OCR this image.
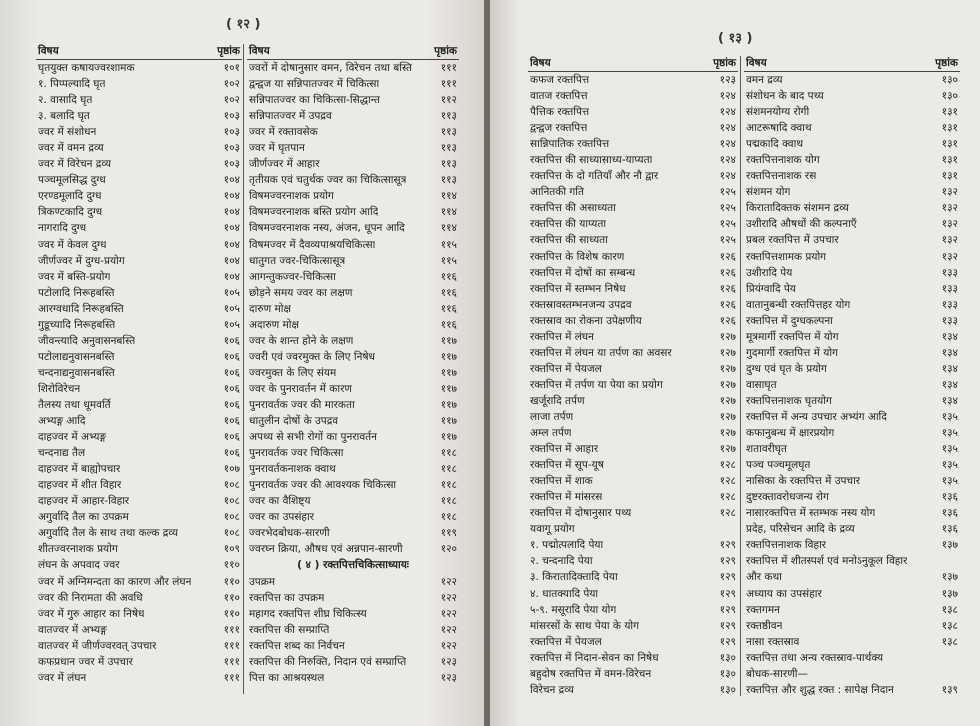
( १२ )
विषय	पृष्ठांक
घृतयुक्त कषायज्वरशामक	१०१
१. पिप्पल्यादि घृत	१०२
२. वासादि घृत	१०२
३. बलादि घृत	१०३
ज्वर में संशोधन	१०३
ज्वर में वमन द्रव्य	१०३
ज्वर में विरेचन द्रव्य	१०३
पञ्चमूलसिद्ध दुग्ध	१०४
एरण्डमूलादि दुग्ध	१०४
त्रिकण्टकादि दुग्ध	१०४
नागरादि दुग्ध	१०४
ज्वर में केवल दुग्ध	१०४
जीर्णज्वर में दुग्ध-प्रयोग	१०४
ज्वर में बस्ति-प्रयोग	१०४
पटोलादि निरूहबस्ति	१०५
आरग्वधादि निरूहबस्ति	१०५
गुडूच्यादि निरूहबस्ति	१०५
जीवन्त्यादि अनुवासनबस्ति	१०६
पटोलाद्यनुवासनबस्ति	१०६
चन्दनाद्यनुवासनबस्ति	१०६
शिरोविरेचन	१०६
तैलस्य तथा धूमवर्ति	१०६
अभ्यङ्ग आदि	१०६
दाहज्वर में अभ्यङ्ग	१०६
चन्दनाद्य तैल	१०६
दाहज्वर में बाह्योपचार	१०७
दाहज्वर में शीत विहार	१०८
दाहज्वर में आहार-विहार	१०८
अगुर्वादि तैल का उपक्रम	१०८
अगुर्वादि तैल के साथ तथा कल्क द्रव्य	१०८
शीतज्वरनाशक प्रयोग	१०९
लंघन के अपवाद ज्वर	११०
ज्वर में अग्निमन्दता का कारण और लंघन	११०
ज्वर की निरामता की अवधि	११०
ज्वर में गुरु आहार का निषेध	११०
वातज्वर में अभ्यङ्ग	१११
वातज्वर में जीर्णज्वरवत् उपचार	१११
कफप्रधान ज्वर में उपचार	१११
ज्वर में लंघन	१११
विषय	पृष्ठांक
ज्वरों में दोषानुसार वमन, विरेचन तथा बस्ति	१११
द्वन्द्वज या सन्निपातज्वर में चिकित्सा	१११
सन्निपातज्वर का चिकित्सा-सिद्धान्त	११२
सन्निपातज्वर में उपद्रव	११३
ज्वर में रक्तावसेक	११३
ज्वर में घृतपान	११३
जीर्णज्वर में आहार	११३
तृतीयक एवं चतुर्थक ज्वर का चिकित्सासूत्र	११३
विषमज्वरनाशक प्रयोग	११४
विषमज्वरनाशक बस्ति प्रयोग आदि	११४
विषमज्वरनाशक नस्य, अंजन, धूपन आदि	११४
विषमज्वर में दैवव्यपाश्रयचिकित्सा	११५
धातुगत ज्वर-चिकित्सासूत्र	११५
आगन्तुकज्वर-चिकित्सा	११६
छोड़ने समय ज्वर का लक्षण	११६
दारुण मोक्ष	११६
अदारुण मोक्ष	११६
ज्वर के शान्त होने के लक्षण	११७
ज्वरी एवं ज्वरमुक्त के लिए निषेध	११७
ज्वरमुक्त के लिए संयम	११७
ज्वर के पुनरावर्तन में कारण	११७
पुनरावर्तक ज्वर की मारकता	११७
धातुलीन दोषों के उपद्रव	११७
अपथ्य से सभी रोगों का पुनरावर्तन	११७
पुनरावर्तक ज्वर चिकित्सा	११८
पुनरावर्तकनाशक क्वाथ	११८
पुनरावर्तक ज्वर की आवश्यक चिकित्सा	११८
ज्वर का वैशिष्ट्य	११८
ज्वर का उपसंहार	११८
ज्वरभेदबोधक-सारणी	११९
ज्वरघ्न क्रिया, औषध एवं अन्नपान-सारणी	१२०
( ४ ) रक्तपित्तचिकित्साध्यायः
उपक्रम	१२२
रक्तपित्त का उपक्रम	१२२
महागद रक्तपित्त शीघ्र चिकित्स्य	१२२
रक्तपित्त की सम्प्राप्ति	१२२
रक्तपित्त शब्द का निर्वचन	१२२
रक्तपित्त की निरुक्ति, निदान एवं सम्प्राप्ति	१२३
पित्त का आश्रयस्थल	१२३
( १३ )
विषय	पृष्ठांक
कफज रक्तपित्त	१२३
वातज रक्तपित्त	१२४
पैत्तिक रक्तपित्त	१२४
द्वन्द्वज रक्तपित्त	१२४
सान्निपातिक रक्तपित्त	१२४
रक्तपित्त की साध्यासाध्य-याप्यता	१२४
रक्तपित्त के दो गतियाँ और नौ द्वार	१२४
आनितकी गति	१२५
रक्तपित्त की असाध्यता	१२५
रक्तपित्त की याप्यता	१२५
रक्तपित्त की साध्यता	१२५
रक्तपित्त के विशेष कारण	१२६
रक्तपित्त में दोषों का सम्बन्ध	१२६
रक्तपित्त में स्तम्भन निषेध	१२६
रक्तस्रावस्तम्भनजन्य उपद्रव	१२६
रक्तस्राव का रोकना उपेक्षणीय	१२६
रक्तपित्त में लंघन	१२७
रक्तपित्त में लंघन या तर्पण का अवसर	१२७
रक्तपित्त में पेयजल	१२७
रक्तपित्त में तर्पण या पेया का प्रयोग	१२७
खर्जूरादि तर्पण	१२७
लाजा तर्पण	१२७
अम्ल तर्पण	१२७
रक्तपित्त में आहार	१२७
रक्तपित्त में सूप-यूष	१२८
रक्तपित्त में शाक	१२८
रक्तपित्त में मांसरस	१२८
रक्तपित्त में दोषानुसार पथ्य	१२८
यवागू प्रयोग
१. पद्मोत्पलादि पेया	१२९
२. चन्दनादि पेया	१२९
३. किरातादिक्तादि पेया	१२९
४. धातक्यादि पेया	१२९
५-९. मसूरादि पेया योग	१२९
मांसरसों के साथ पेया के योग	१२९
रक्तपित्त में पेयजल	१२९
रक्तपित्त में निदान-सेवन का निषेध	१३०
बहुदोष रक्तपित्त में वमन-विरेचन	१३०
विरेचन द्रव्य	१३०
विषय	पृष्ठांक
वमन द्रव्य	१३०
संशोधन के बाद पथ्य	१३०
संशमनयोग्य रोगी	१३१
आटरूषादि क्वाथ	१३१
पद्मकादि क्वाथ	१३१
रक्तपित्तनाशक योग	१३१
रक्तपित्तनाशक रस	१३१
संशमन योग	१३२
किरातादिक्तक संशमन द्रव्य	१३२
उशीरादि औषधों की कल्पनाएँ	१३२
प्रबल रक्तपित्त में उपचार	१३२
रक्तपित्तशामक प्रयोग	१३२
उशीरादि पेय	१३३
प्रियंग्वादि पेय	१३३
वातानुबन्धी रक्तपित्तहर योग	१३३
रक्तपित्त में दुग्धकल्पना	१३३
मूत्रमार्गी रक्तपित्त में योग	१३४
गुदमार्गी रक्तपित्त में योग	१३४
दुग्ध एवं घृत के प्रयोग	१३४
वासाघृत	१३४
रक्तपित्तनाशक घृतयोग	१३४
रक्तपित्त में अन्य उपचार अभ्यंग आदि	१३५
कफानुबन्ध में क्षारप्रयोग	१३५
शतावरीघृत	१३५
पञ्च पञ्चमूलघृत	१३५
नासिका के रक्तपित्त में उपचार	१३५
दुष्टरक्तावरोधजन्य रोग	१३६
नासारक्तपित्त में स्तम्भक नस्य योग	१३६
प्रदेह, परिसेचन आदि के द्रव्य	१३६
रक्तपित्तनाशक विहार	१३७
रक्तपित्त में शीतस्पर्श एवं मनोऽनुकूल विहार
और कथा	१३७
अध्याय का उपसंहार	१३७
रक्तगमन	१३८
रक्तष्ठीवन	१३८
नासा रक्तस्राव	१३८
रक्तपित्त तथा अन्य रक्तस्राव-पार्थक्य
बोधक-सारणी—
रक्तपित्त और शुद्ध रक्त : सापेक्ष निदान	१३९
